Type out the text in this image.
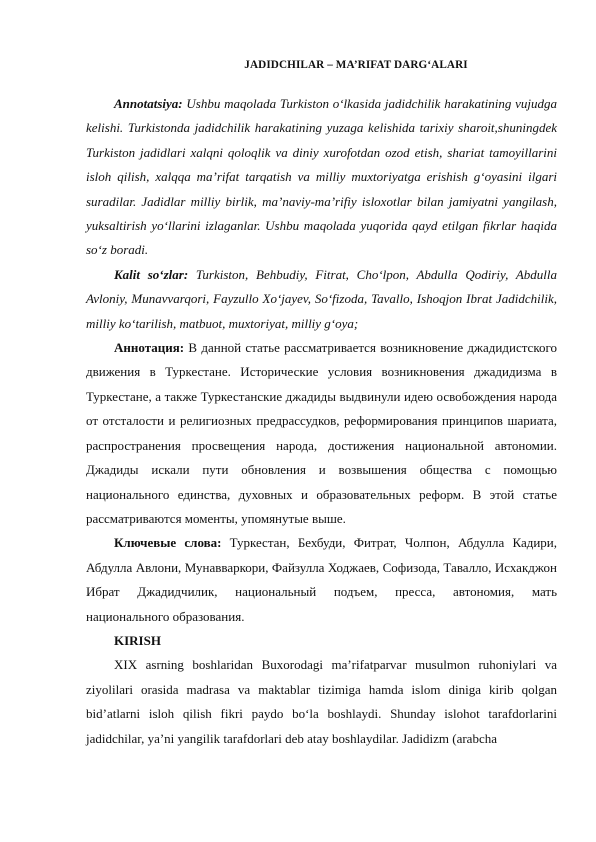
JADIDCHILAR – MA’RIFAT DARG‘ALARI

Annotatsiya: Ushbu maqolada Turkiston o‘lkasida jadidchilik harakatining vujudga kelishi. Turkistonda jadidchilik harakatining yuzaga kelishida tarixiy sharoit,shuningdek Turkiston jadidlari xalqni qoloqlik va diniy xurofotdan ozod etish, shariat tamoyillarini isloh qilish, xalqqa ma’rifat tarqatish va milliy muxtoriyatga erishish g‘oyasini ilgari suradilar. Jadidlar milliy birlik, ma’naviy-ma’rifiy isloxotlar bilan jamiyatni yangilash, yuksaltirish yo‘llarini izlaganlar. Ushbu maqolada yuqorida qayd etilgan fikrlar haqida so‘z boradi.

Kalit so‘zlar: Turkiston, Behbudiy, Fitrat, Cho‘lpon, Abdulla Qodiriy, Abdulla Avloniy, Munavvarqori, Fayzullo Xo‘jayev, So‘fizoda, Tavallo, Ishoqjon Ibrat Jadidchilik, milliy ko‘tarilish, matbuot, muxtoriyat, milliy g‘oya;

Аннотация: В данной статье рассматривается возникновение джадидистского движения в Туркестане. Исторические условия возникновения джадидизма в Туркестане, а также Туркестанские джадиды выдвинули идею освобождения народа от отсталости и религиозных предрассудков, реформирования принципов шариата, распространения просвещения народа, достижения национальной автономии. Джадиды искали пути обновления и возвышения общества с помощью национального единства, духовных и образовательных реформ. В этой статье рассматриваются моменты, упомянутые выше.

Ключевые слова: Туркестан, Бехбуди, Фитрат, Чолпон, Абдулла Кадири, Абдулла Авлони, Мунавваркори, Файзулла Ходжаев, Софизода, Тавалло, Исхакджон Ибрат Джадидчилик, национальный подъем, пресса, автономия, мать национального образования.

KIRISH

XIX asrning boshlaridan Buxorodagi ma’rifatparvar musulmon ruhoniylari va ziyolilari orasida madrasa va maktablar tizimiga hamda islom diniga kirib qolgan bid’atlarni isloh qilish fikri paydo bo‘la boshlaydi. Shunday islohot tarafdorlarini jadidchilar, ya’ni yangilik tarafdorlari deb atay boshlaydilar. Jadidizm (arabcha
